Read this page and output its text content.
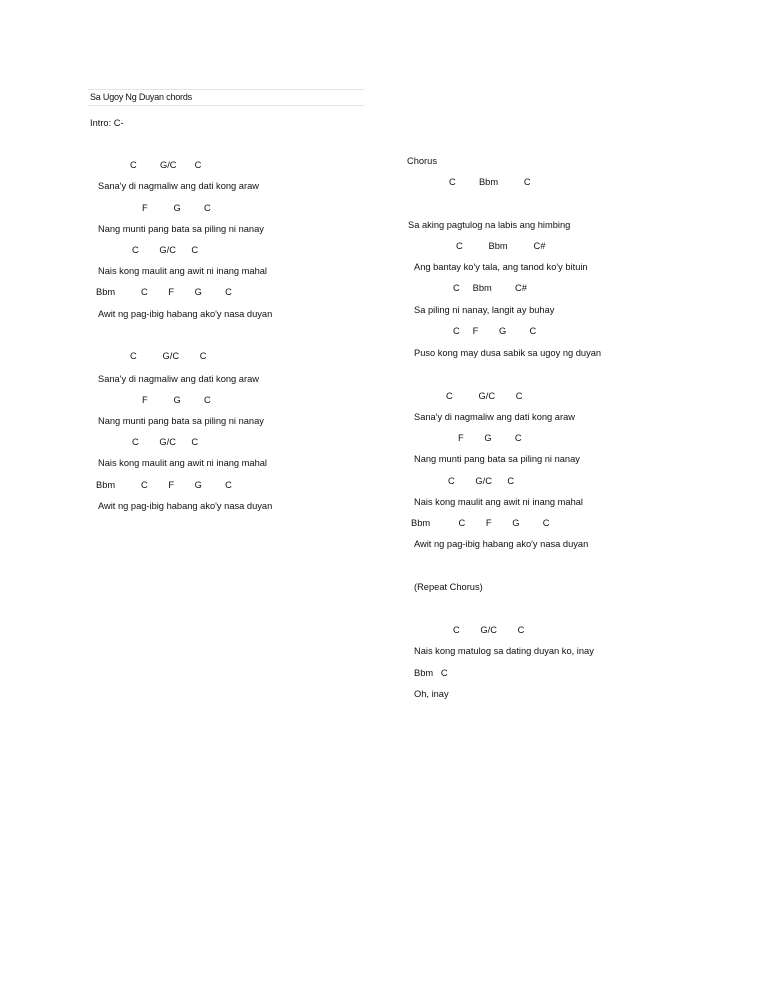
Sa Ugoy Ng Duyan chords
Intro: C-
C         G/C       C
Sana'y di nagmaliw ang dati kong araw
F          G         C
Nang munti pang bata sa piling ni nanay
C        G/C      C
Nais kong maulit ang awit ni inang mahal
Bbm          C        F        G         C
Awit ng pag-ibig habang ako'y nasa duyan
C          G/C        C
Sana'y di nagmaliw ang dati kong araw
F          G         C
Nang munti pang bata sa piling ni nanay
C        G/C      C
Nais kong maulit ang awit ni inang mahal
Bbm          C        F        G         C
Awit ng pag-ibig habang ako'y nasa duyan
Chorus
C         Bbm          C
Sa aking pagtulog na labis ang himbing
C          Bbm          C#
Ang bantay ko'y tala, ang tanod ko'y bituin
C     Bbm         C#
Sa piling ni nanay, langit ay buhay
C     F        G         C
Puso kong may dusa sabik sa ugoy ng duyan
C          G/C        C
Sana'y di nagmaliw ang dati kong araw
F        G         C
Nang munti pang bata sa piling ni nanay
C        G/C      C
Nais kong maulit ang awit ni inang mahal
Bbm           C        F        G         C
Awit ng pag-ibig habang ako'y nasa duyan
(Repeat Chorus)
C        G/C        C
Nais kong matulog sa dating duyan ko, inay
Bbm   C
Oh, inay
